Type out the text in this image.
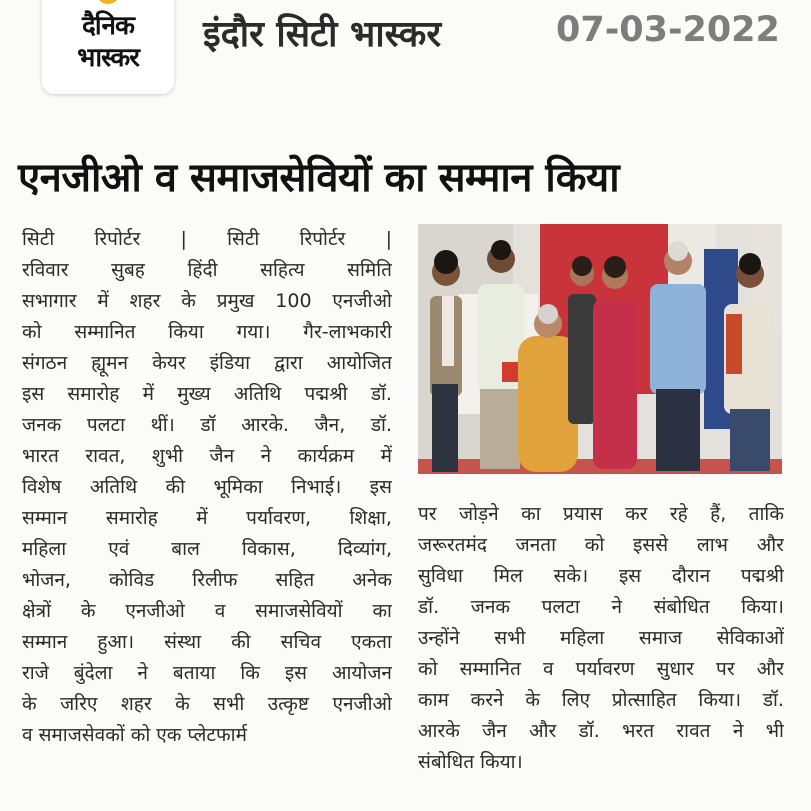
दैनिक
भास्कर
इंदौर सिटी भास्कर	07-03-2022
एनजीओ व समाजसेवियों का सम्मान किया
सिटी रिपोर्टर | सिटी रिपोर्टर |
रविवार सुबह हिंदी सहित्य समिति
सभागार में शहर के प्रमुख 100 एनजीओ
को सम्मानित किया गया। गैर-लाभकारी
संगठन ह्यूमन केयर इंडिया द्वारा आयोजित
इस समारोह में मुख्य अतिथि पद्मश्री डॉ.
जनक पलटा थीं। डॉ आरके. जैन, डॉ.
भारत रावत, शुभी जैन ने कार्यक्रम में
विशेष अतिथि की भूमिका निभाई। इस
सम्मान समारोह में पर्यावरण, शिक्षा,
महिला एवं बाल विकास, दिव्यांग,
भोजन, कोविड रिलीफ सहित अनेक
क्षेत्रों के एनजीओ व समाजसेवियों का
सम्मान हुआ। संस्था की सचिव एकता
राजे बुंदेला ने बताया कि इस आयोजन
के जरिए शहर के सभी उत्कृष्ट एनजीओ
व समाजसेवकों को एक प्लेटफार्म
पर जोड़ने का प्रयास कर रहे हैं, ताकि
जरूरतमंद जनता को इससे लाभ और
सुविधा मिल सके। इस दौरान पद्मश्री
डॉ. जनक पलटा ने संबोधित किया।
उन्होंने सभी महिला समाज सेविकाओं
को सम्मानित व पर्यावरण सुधार पर और
काम करने के लिए प्रोत्साहित किया। डॉ.
आरके जैन और डॉ. भरत रावत ने भी
संबोधित किया।
